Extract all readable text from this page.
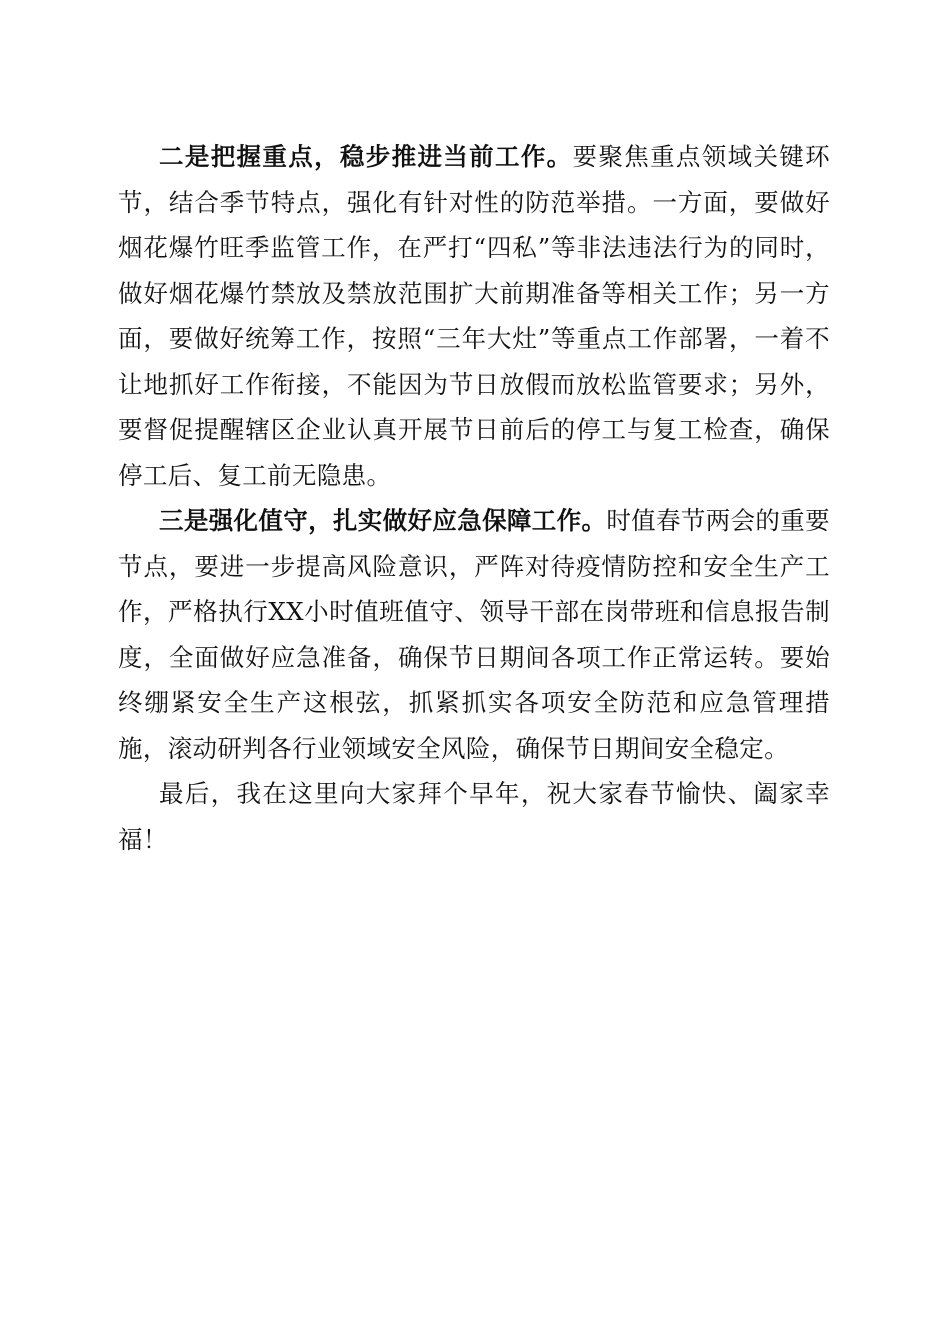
二是把握重点，稳步推进当前工作。要聚焦重点领域关键环节，结合季节特点，强化有针对性的防范举措。一方面，要做好烟花爆竹旺季监管工作，在严打“四私”等非法违法行为的同时，做好烟花爆竹禁放及禁放范围扩大前期准备等相关工作；另一方面，要做好统筹工作，按照“三年大灶”等重点工作部署，一着不让地抓好工作衔接，不能因为节日放假而放松监管要求；另外，要督促提醒辖区企业认真开展节日前后的停工与复工检查，确保停工后、复工前无隐患。

三是强化值守，扎实做好应急保障工作。时值春节两会的重要节点，要进一步提高风险意识，严阵对待疫情防控和安全生产工作，严格执行XX小时值班值守、领导干部在岗带班和信息报告制度，全面做好应急准备，确保节日期间各项工作正常运转。要始终绷紧安全生产这根弦，抓紧抓实各项安全防范和应急管理措施，滚动研判各行业领域安全风险，确保节日期间安全稳定。

最后，我在这里向大家拜个早年，祝大家春节愉快、阖家幸福！
